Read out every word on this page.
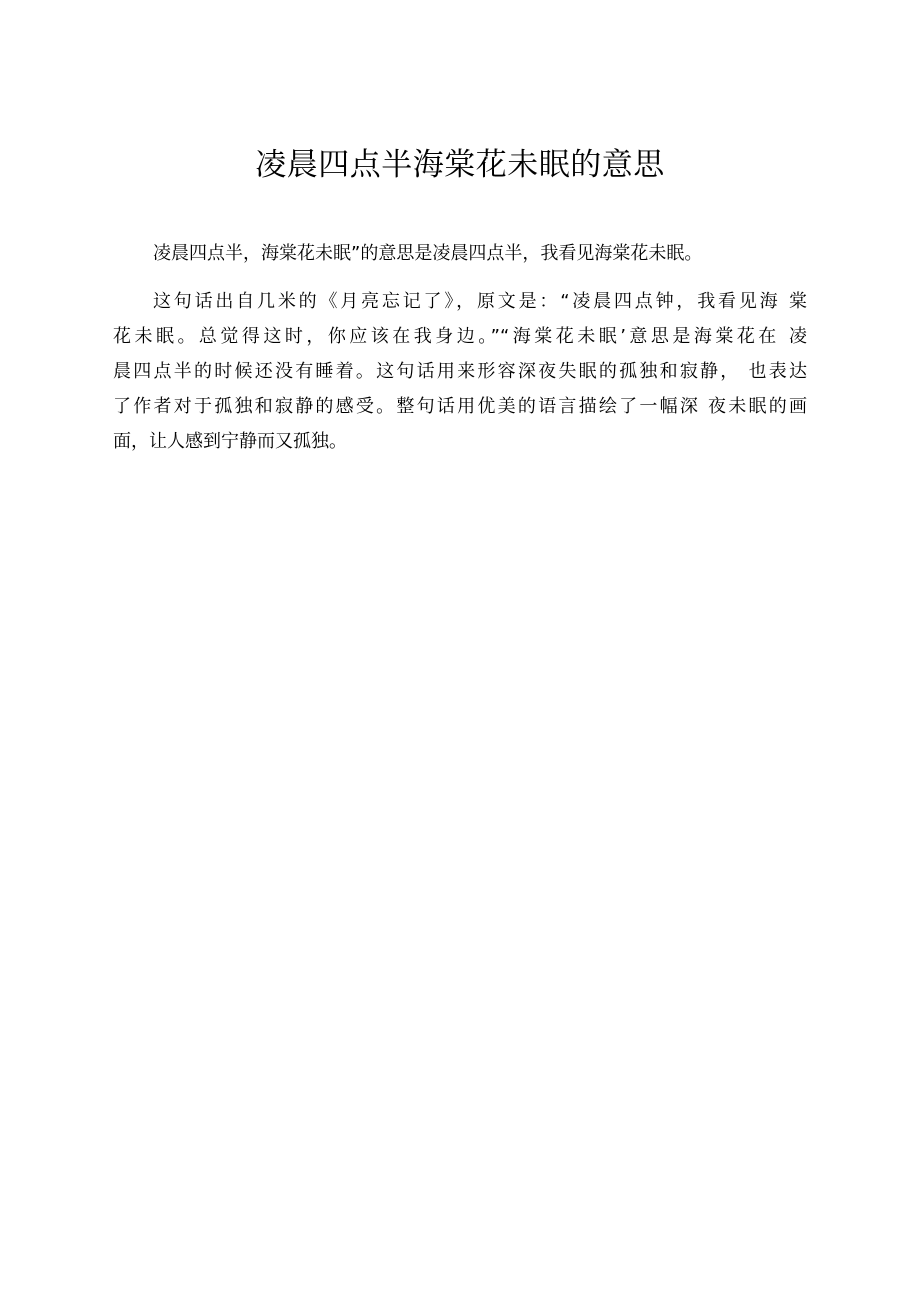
凌晨四点半海棠花未眠的意思
凌晨四点半，海棠花未眠”的意思是凌晨四点半，我看见海棠花未眠。
这句话出自几米的《月亮忘记了》，原文是：“凌晨四点钟，我看见海 棠
花未眠。总觉得这时，你应该在我身边。”“海棠花未眠’意思是海棠花在 凌
晨四点半的时候还没有睡着。这句话用来形容深夜失眠的孤独和寂静， 也表达
了作者对于孤独和寂静的感受。整句话用优美的语言描绘了一幅深 夜未眠的画
面，让人感到宁静而又孤独。
